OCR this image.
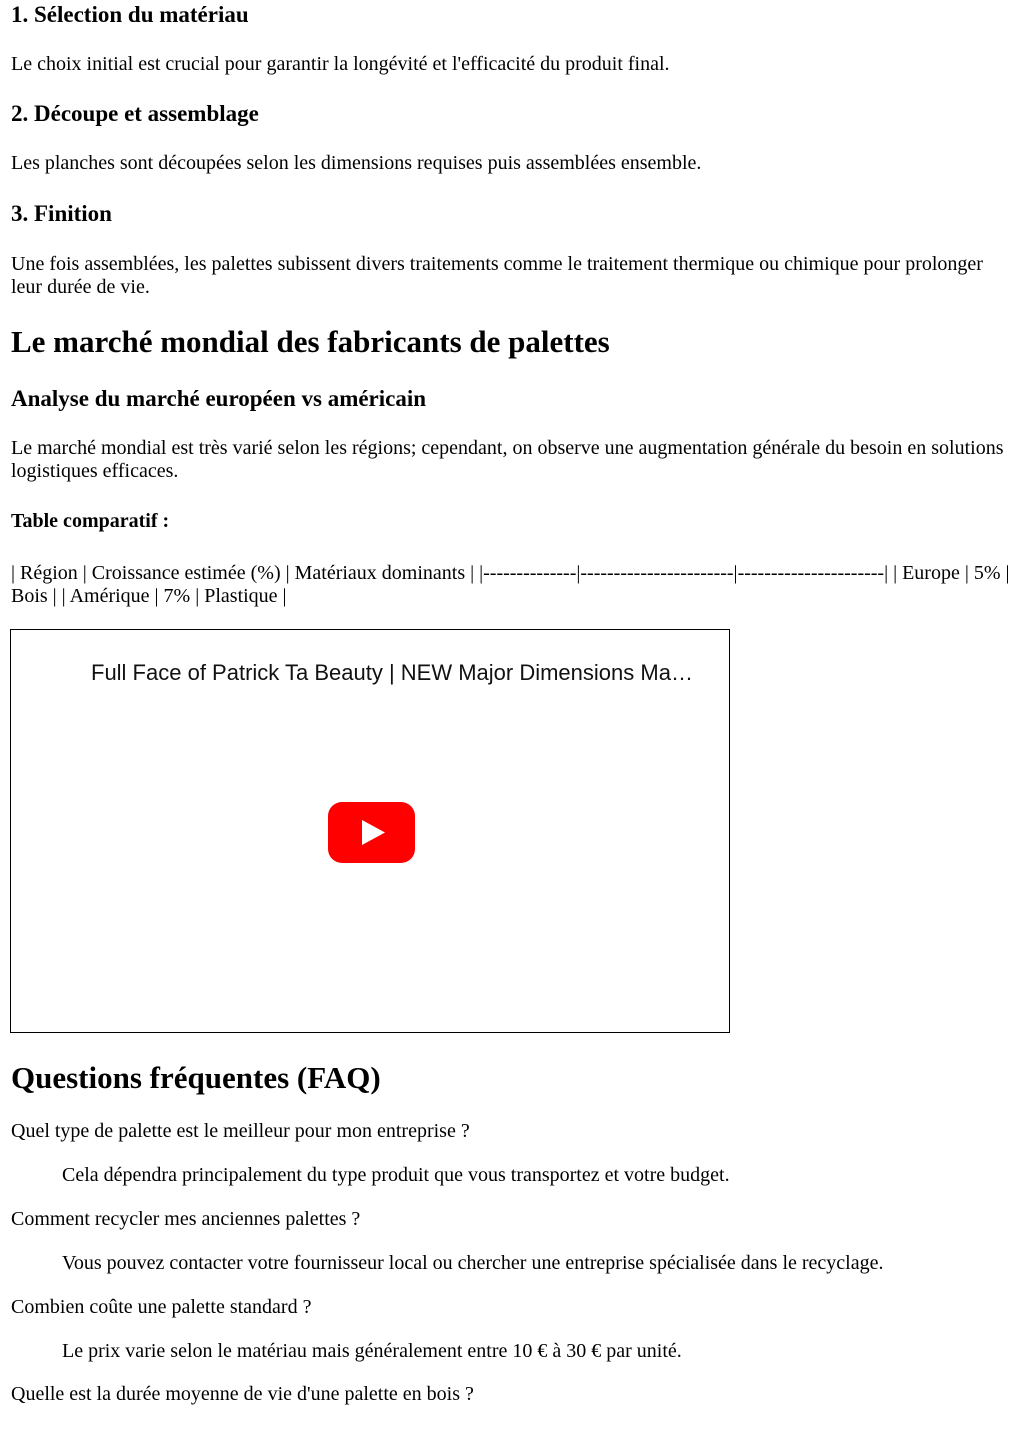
1. Sélection du matériau

Le choix initial est crucial pour garantir la longévité et l'efficacité du produit final.

2. Découpe et assemblage

Les planches sont découpées selon les dimensions requises puis assemblées ensemble.

3. Finition

Une fois assemblées, les palettes subissent divers traitements comme le traitement thermique ou chimique pour prolonger leur durée de vie.

Le marché mondial des fabricants de palettes
Analyse du marché européen vs américain

Le marché mondial est très varié selon les régions; cependant, on observe une augmentation générale du besoin en solutions logistiques efficaces.

Table comparatif :

| Région | Croissance estimée (%) | Matériaux dominants | |--------------|-----------------------|----------------------| | Europe | 5% | Bois | | Amérique | 7% | Plastique |

Full Face of Patrick Ta Beauty | NEW Major Dimensions Ma…
Questions fréquentes (FAQ)

Quel type de palette est le meilleur pour mon entreprise ?

Cela dépendra principalement du type produit que vous transportez et votre budget.

Comment recycler mes anciennes palettes ?

Vous pouvez contacter votre fournisseur local ou chercher une entreprise spécialisée dans le recyclage.

Combien coûte une palette standard ?

Le prix varie selon le matériau mais généralement entre 10 € à 30 € par unité.

Quelle est la durée moyenne de vie d'une palette en bois ?
